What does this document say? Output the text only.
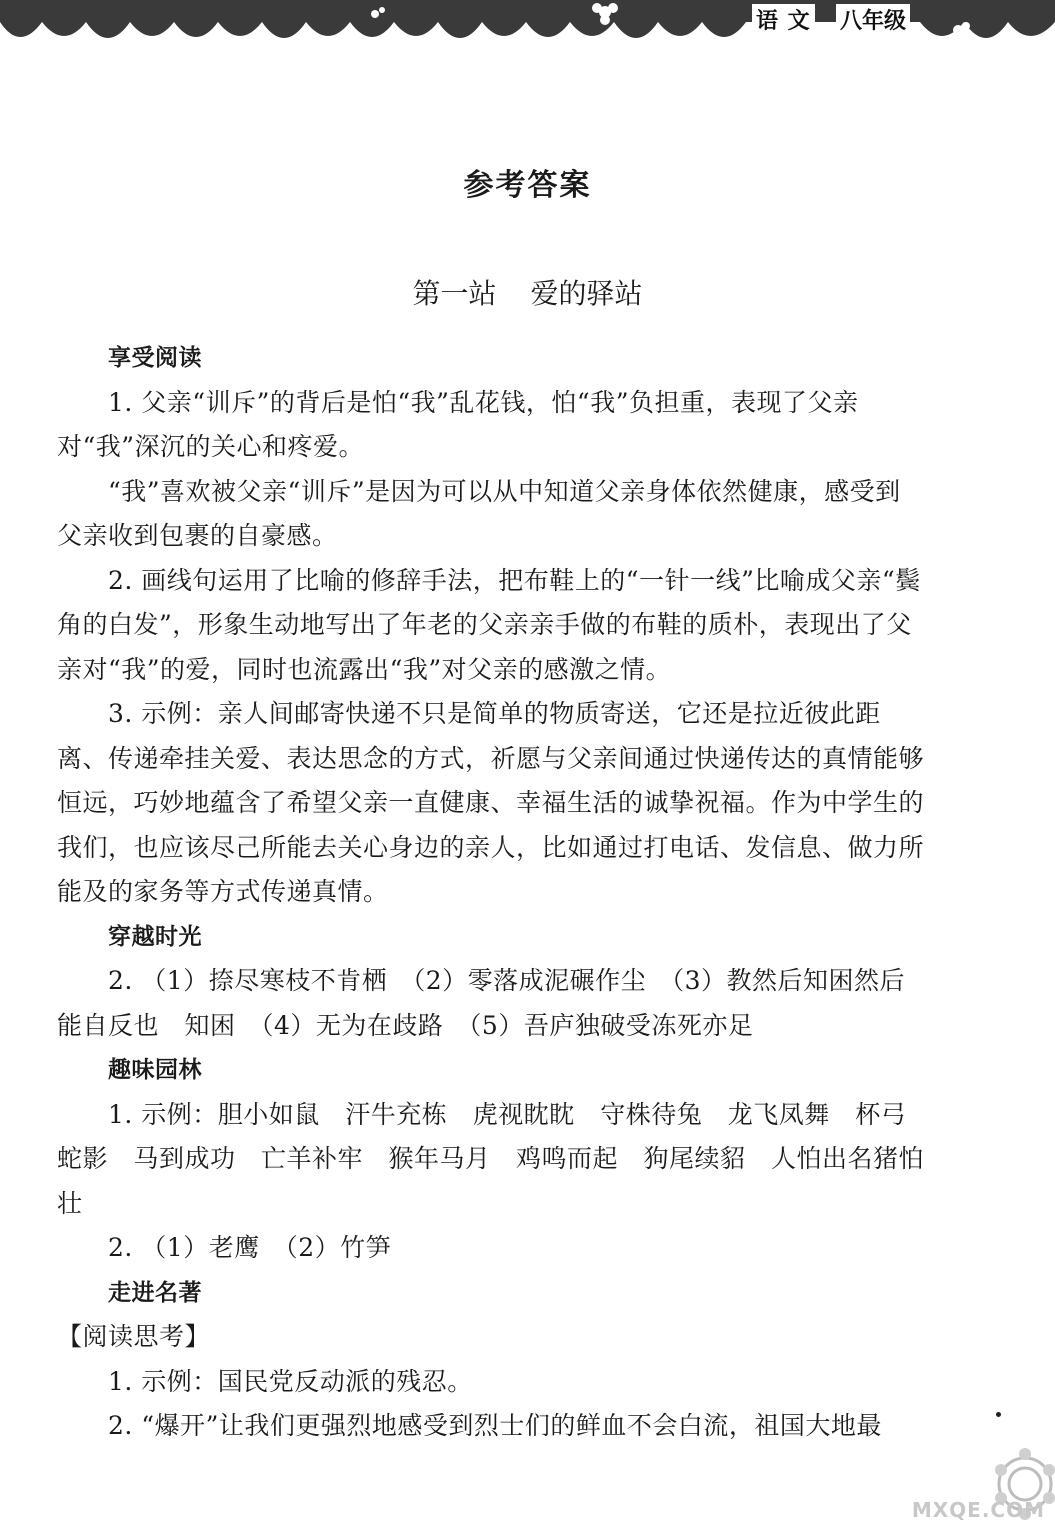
语 文 八年级
参考答案
第一站 爱的驿站

享受阅读

1. 父亲“训斥”的背后是怕“我”乱花钱，怕“我”负担重，表现了父亲对“我”深沉的关心和疼爱。

“我”喜欢被父亲“训斥”是因为可以从中知道父亲身体依然健康，感受到父亲收到包裹的自豪感。

2. 画线句运用了比喻的修辞手法，把布鞋上的“一针一线”比喻成父亲“鬓角的白发”，形象生动地写出了年老的父亲亲手做的布鞋的质朴，表现出了父亲对“我”的爱，同时也流露出“我”对父亲的感激之情。

3. 示例：亲人间邮寄快递不只是简单的物质寄送，它还是拉近彼此距离、传递牵挂关爱、表达思念的方式，祈愿与父亲间通过快递传达的真情能够恒远，巧妙地蕴含了希望父亲一直健康、幸福生活的诚挚祝福。作为中学生的我们，也应该尽己所能去关心身边的亲人，比如通过打电话、发信息、做力所能及的家务等方式传递真情。

穿越时光

2. （1）捺尽寒枝不肯栖　（2）零落成泥碾作尘　（3）教然后知困然后能自反也　知困　（4）无为在歧路　（5）吾庐独破受冻死亦足

趣味园林

1. 示例：胆小如鼠　汗牛充栋　虎视眈眈　守株待兔　龙飞凤舞　杯弓蛇影　马到成功　亡羊补牢　猴年马月　鸡鸣而起　狗尾续貂　人怕出名猪怕壮

2. （1）老鹰　（2）竹笋

走进名著

【阅读思考】

1. 示例：国民党反动派的残忍。

2. “爆开”让我们更强烈地感受到烈士们的鲜血不会白流，祖国大地最

MXQE.COM
